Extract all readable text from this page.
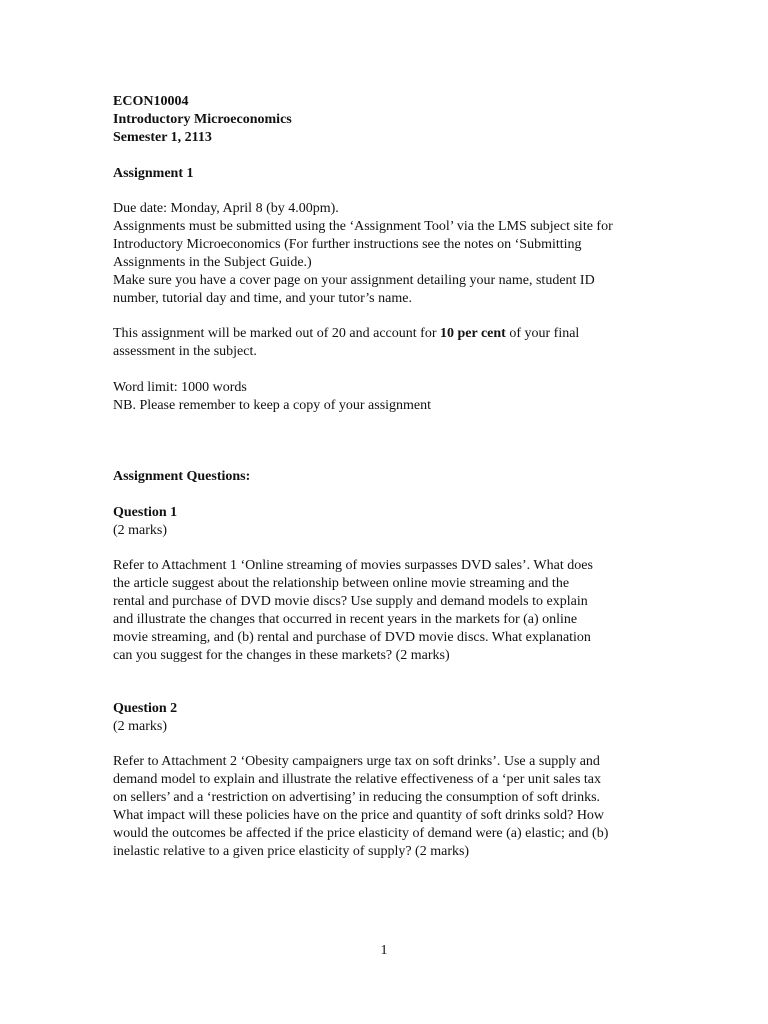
ECON10004
Introductory Microeconomics
Semester 1, 2113
Assignment 1
Due date: Monday, April 8 (by 4.00pm).
Assignments must be submitted using the ‘Assignment Tool’ via the LMS subject site for
Introductory Microeconomics (For further instructions see the notes on ‘Submitting
Assignments in the Subject Guide.)
Make sure you have a cover page on your assignment detailing your name, student ID
number, tutorial day and time, and your tutor’s name.
This assignment will be marked out of 20 and account for 10 per cent of your final
assessment in the subject.
Word limit: 1000 words
NB. Please remember to keep a copy of your assignment
Assignment Questions:
Question 1
(2 marks)
Refer to Attachment 1 ‘Online streaming of movies surpasses DVD sales’. What does
the article suggest about the relationship between online movie streaming and the
rental and purchase of DVD movie discs? Use supply and demand models to explain
and illustrate the changes that occurred in recent years in the markets for (a) online
movie streaming, and (b) rental and purchase of DVD movie discs. What explanation
can you suggest for the changes in these markets? (2 marks)
Question 2
(2 marks)
Refer to Attachment 2 ‘Obesity campaigners urge tax on soft drinks’. Use a supply and
demand model to explain and illustrate the relative effectiveness of a ‘per unit sales tax
on sellers’ and a ‘restriction on advertising’ in reducing the consumption of soft drinks.
What impact will these policies have on the price and quantity of soft drinks sold? How
would the outcomes be affected if the price elasticity of demand were (a) elastic; and (b)
inelastic relative to a given price elasticity of supply? (2 marks)
1
